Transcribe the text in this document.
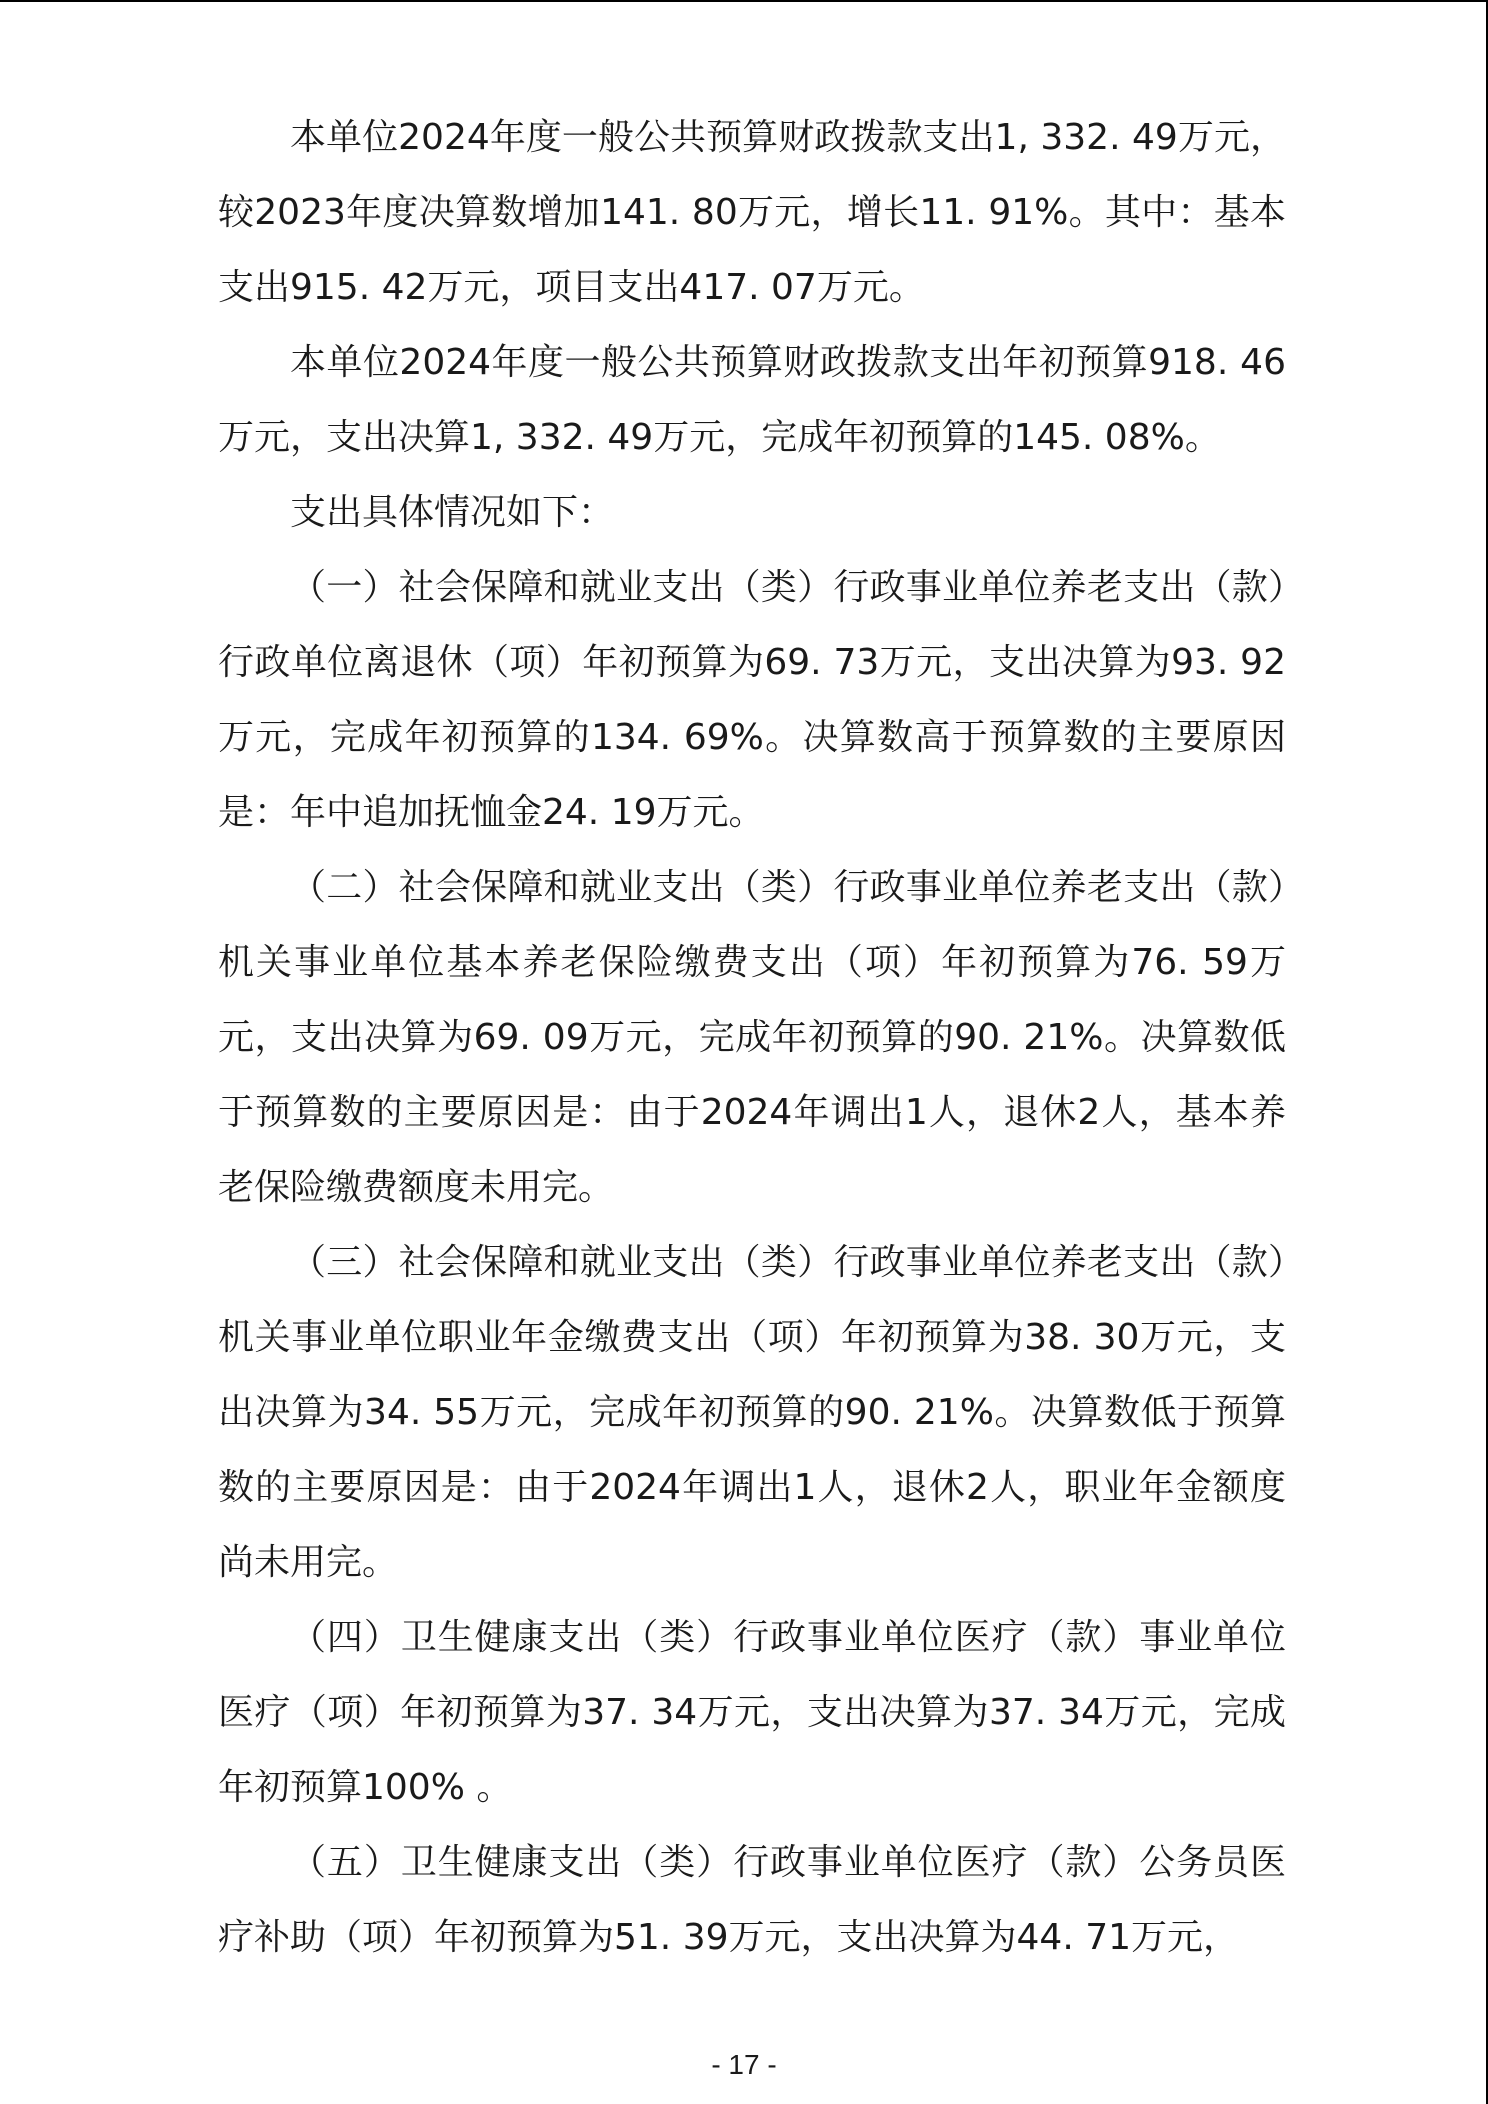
本单位2024年度一般公共预算财政拨款支出1, 332. 49万元，较2023年度决算数增加141. 80万元，增长11. 91%。其中：基本支出915. 42万元，项目支出417. 07万元。

本单位2024年度一般公共预算财政拨款支出年初预算918. 46万元，支出决算1, 332. 49万元，完成年初预算的145. 08%。

支出具体情况如下：

（一）社会保障和就业支出（类）行政事业单位养老支出（款）行政单位离退休（项）年初预算为69. 73万元，支出决算为93. 92万元，完成年初预算的134. 69%。决算数高于预算数的主要原因是：年中追加抚恤金24. 19万元。

（二）社会保障和就业支出（类）行政事业单位养老支出（款）机关事业单位基本养老保险缴费支出（项）年初预算为76. 59万元，支出决算为69. 09万元，完成年初预算的90. 21%。决算数低于预算数的主要原因是：由于2024年调出1人，退休2人，基本养老保险缴费额度未用完。

（三）社会保障和就业支出（类）行政事业单位养老支出（款）机关事业单位职业年金缴费支出（项）年初预算为38. 30万元，支出决算为34. 55万元，完成年初预算的90. 21%。决算数低于预算数的主要原因是：由于2024年调出1人，退休2人，职业年金额度尚未用完。

（四）卫生健康支出（类）行政事业单位医疗（款）事业单位医疗（项）年初预算为37. 34万元，支出决算为37. 34万元，完成年初预算100% 。

（五）卫生健康支出（类）行政事业单位医疗（款）公务员医疗补助（项）年初预算为51. 39万元，支出决算为44. 71万元，

- 17 -
